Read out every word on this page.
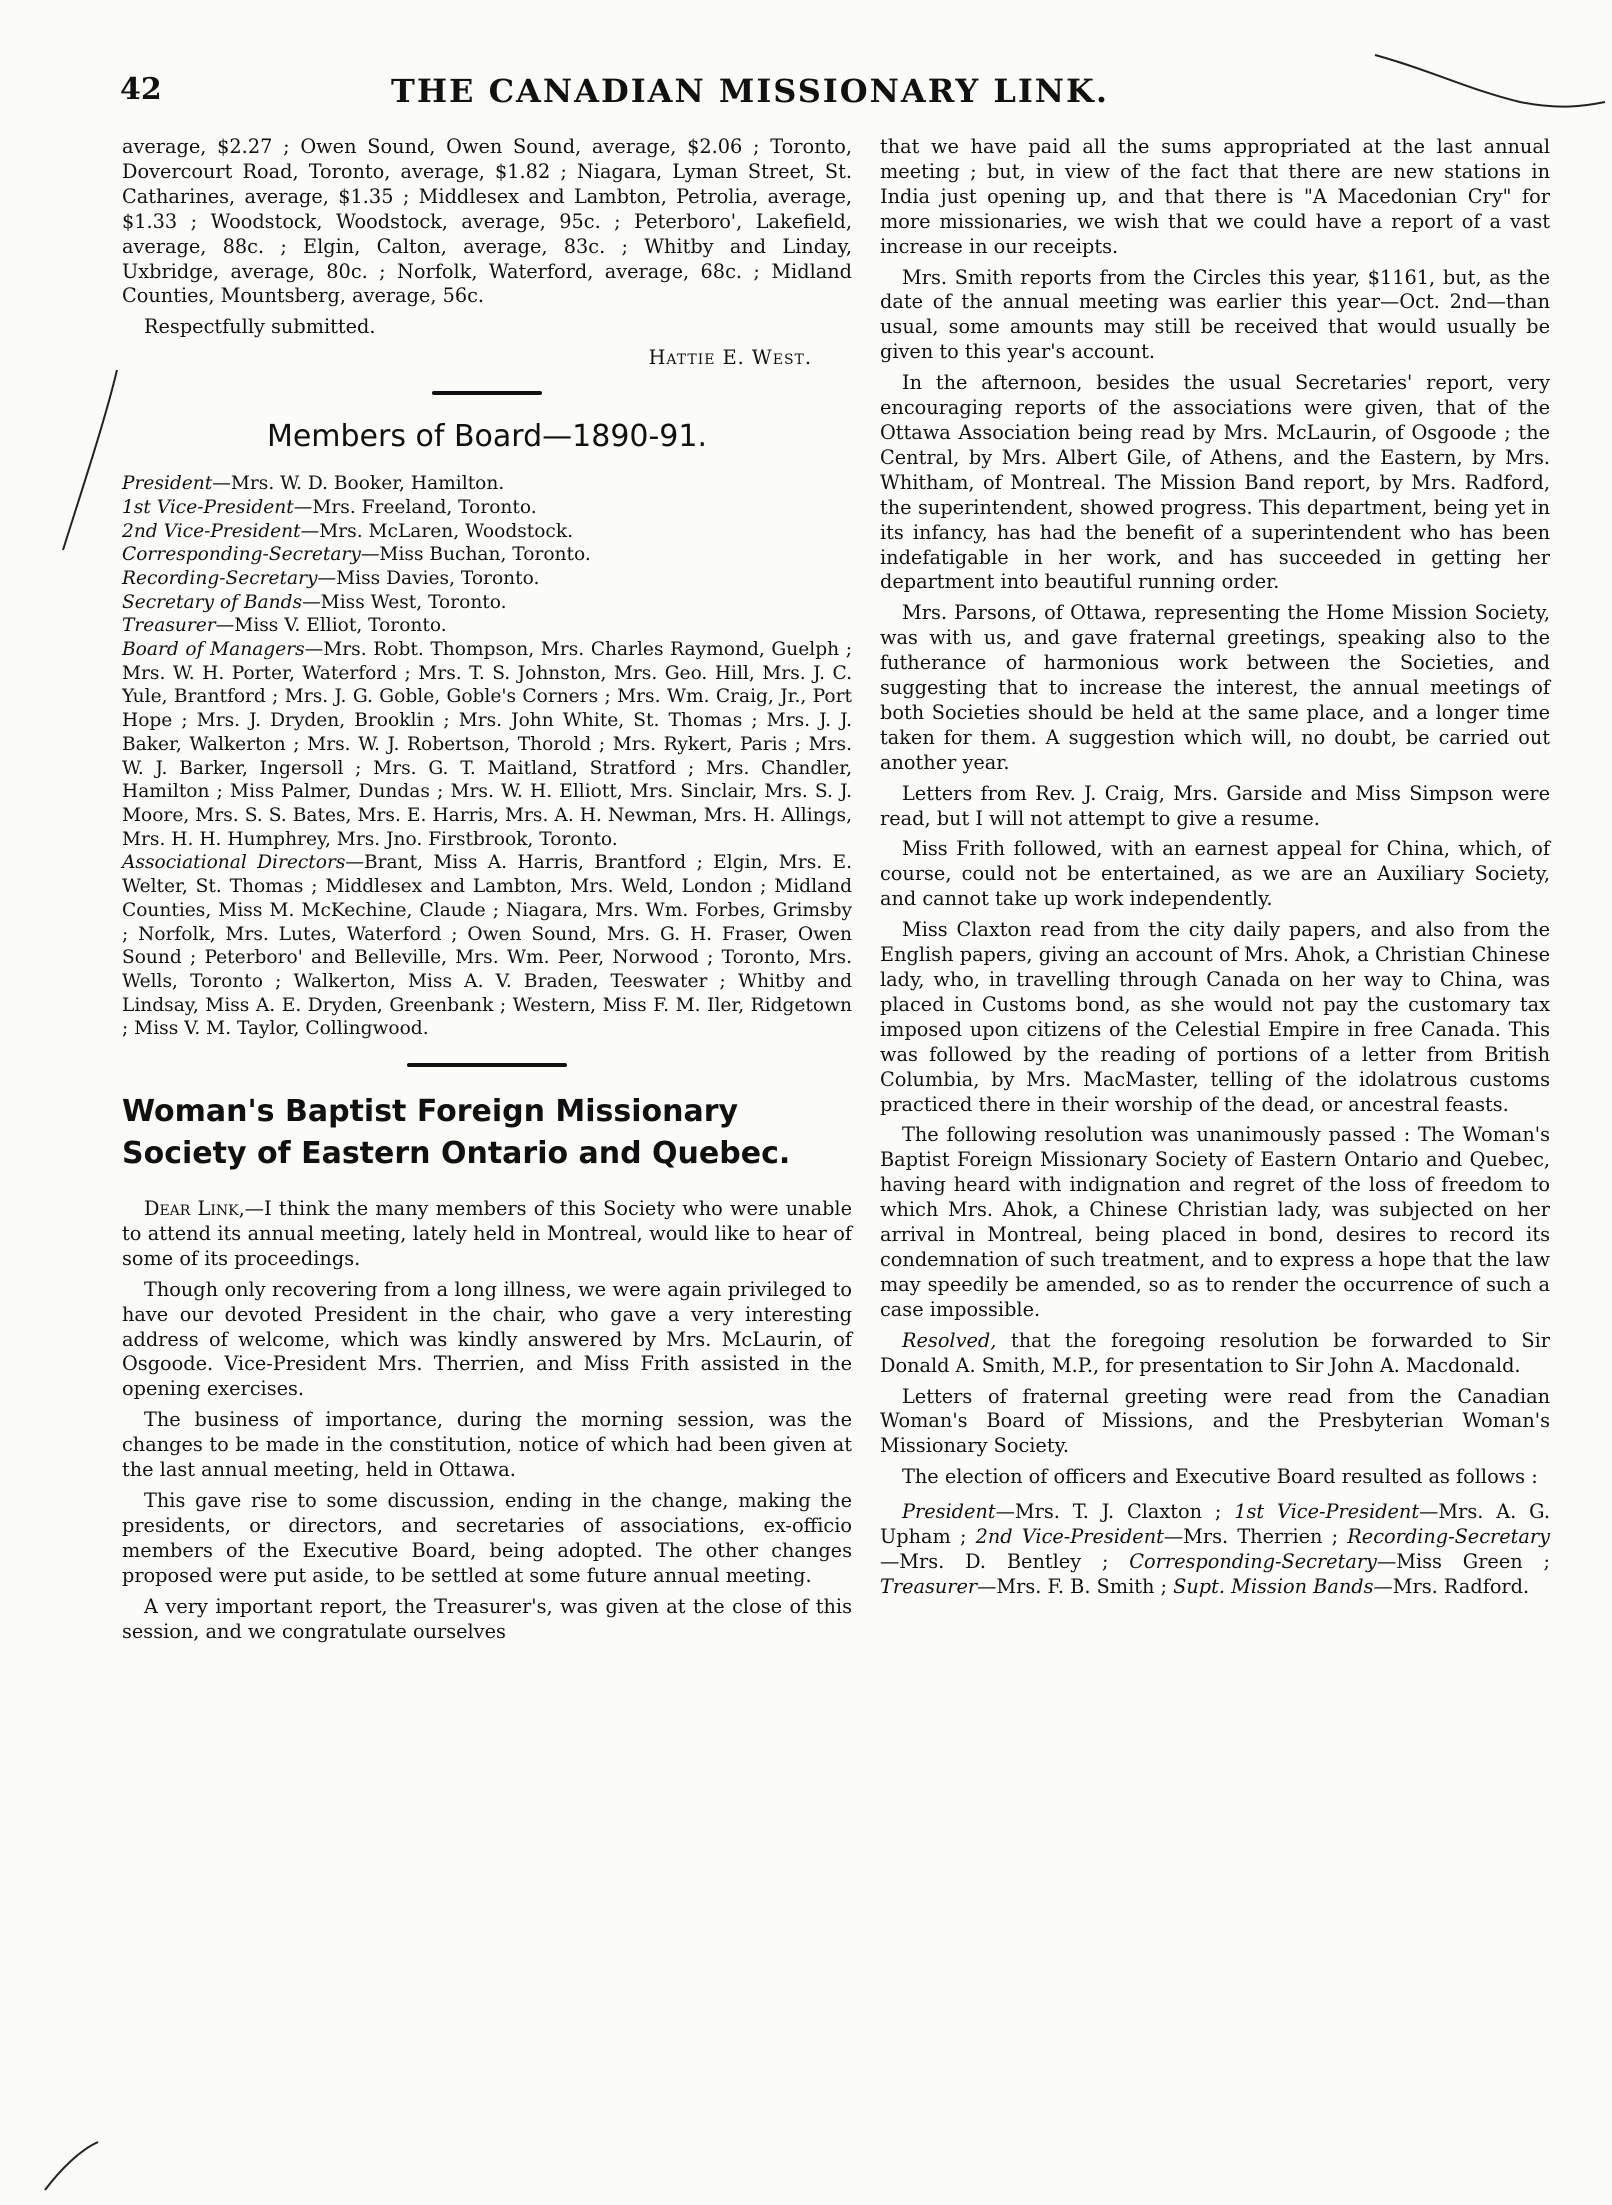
42	THE CANADIAN MISSIONARY LINK.

average, $2.27 ; Owen Sound, Owen Sound, average, $2.06 ; Toronto, Dovercourt Road, Toronto, average, $1.82 ; Niagara, Lyman Street, St. Catharines, average, $1.35 ; Middlesex and Lambton, Petrolia, average, $1.33 ; Woodstock, Woodstock, average, 95c. ; Peterboro', Lakefield, average, 88c. ; Elgin, Calton, average, 83c. ; Whitby and Linday, Uxbridge, average, 80c. ; Norfolk, Waterford, average, 68c. ; Midland Counties, Mountsberg, average, 56c.

Respectfully submitted.

Hattie E. West.

Members of Board—1890-91.

President—Mrs. W. D. Booker, Hamilton.

1st Vice-President—Mrs. Freeland, Toronto.

2nd Vice-President—Mrs. McLaren, Woodstock.

Corresponding-Secretary—Miss Buchan, Toronto.

Recording-Secretary—Miss Davies, Toronto.

Secretary of Bands—Miss West, Toronto.

Treasurer—Miss V. Elliot, Toronto.

Board of Managers—Mrs. Robt. Thompson, Mrs. Charles Raymond, Guelph ; Mrs. W. H. Porter, Waterford ; Mrs. T. S. Johnston, Mrs. Geo. Hill, Mrs. J. C. Yule, Brantford ; Mrs. J. G. Goble, Goble's Corners ; Mrs. Wm. Craig, Jr., Port Hope ; Mrs. J. Dryden, Brooklin ; Mrs. John White, St. Thomas ; Mrs. J. J. Baker, Walkerton ; Mrs. W. J. Robertson, Thorold ; Mrs. Rykert, Paris ; Mrs. W. J. Barker, Ingersoll ; Mrs. G. T. Maitland, Stratford ; Mrs. Chandler, Hamilton ; Miss Palmer, Dundas ; Mrs. W. H. Elliott, Mrs. Sinclair, Mrs. S. J. Moore, Mrs. S. S. Bates, Mrs. E. Harris, Mrs. A. H. Newman, Mrs. H. Allings, Mrs. H. H. Humphrey, Mrs. Jno. Firstbrook, Toronto.

Associational Directors—Brant, Miss A. Harris, Brantford ; Elgin, Mrs. E. Welter, St. Thomas ; Middlesex and Lambton, Mrs. Weld, London ; Midland Counties, Miss M. McKechine, Claude ; Niagara, Mrs. Wm. Forbes, Grimsby ; Norfolk, Mrs. Lutes, Waterford ; Owen Sound, Mrs. G. H. Fraser, Owen Sound ; Peterboro' and Belleville, Mrs. Wm. Peer, Norwood ; Toronto, Mrs. Wells, Toronto ; Walkerton, Miss A. V. Braden, Teeswater ; Whitby and Lindsay, Miss A. E. Dryden, Greenbank ; Western, Miss F. M. Iler, Ridgetown ; Miss V. M. Taylor, Collingwood.

Woman's Baptist Foreign Missionary Society of Eastern Ontario and Quebec.

Dear Link,—I think the many members of this Society who were unable to attend its annual meeting, lately held in Montreal, would like to hear of some of its proceedings.

Though only recovering from a long illness, we were again privileged to have our devoted President in the chair, who gave a very interesting address of welcome, which was kindly answered by Mrs. McLaurin, of Osgoode. Vice-President Mrs. Therrien, and Miss Frith assisted in the opening exercises.

The business of importance, during the morning session, was the changes to be made in the constitution, notice of which had been given at the last annual meeting, held in Ottawa.

This gave rise to some discussion, ending in the change, making the presidents, or directors, and secretaries of associations, ex-officio members of the Executive Board, being adopted. The other changes proposed were put aside, to be settled at some future annual meeting.

A very important report, the Treasurer's, was given at the close of this session, and we congratulate ourselves

that we have paid all the sums appropriated at the last annual meeting ; but, in view of the fact that there are new stations in India just opening up, and that there is "A Macedonian Cry" for more missionaries, we wish that we could have a report of a vast increase in our receipts.

Mrs. Smith reports from the Circles this year, $1161, but, as the date of the annual meeting was earlier this year—Oct. 2nd—than usual, some amounts may still be received that would usually be given to this year's account.

In the afternoon, besides the usual Secretaries' report, very encouraging reports of the associations were given, that of the Ottawa Association being read by Mrs. McLaurin, of Osgoode ; the Central, by Mrs. Albert Gile, of Athens, and the Eastern, by Mrs. Whitham, of Montreal. The Mission Band report, by Mrs. Radford, the superintendent, showed progress. This department, being yet in its infancy, has had the benefit of a superintendent who has been indefatigable in her work, and has succeeded in getting her department into beautiful running order.

Mrs. Parsons, of Ottawa, representing the Home Mission Society, was with us, and gave fraternal greetings, speaking also to the futherance of harmonious work between the Societies, and suggesting that to increase the interest, the annual meetings of both Societies should be held at the same place, and a longer time taken for them. A suggestion which will, no doubt, be carried out another year.

Letters from Rev. J. Craig, Mrs. Garside and Miss Simpson were read, but I will not attempt to give a resume.

Miss Frith followed, with an earnest appeal for China, which, of course, could not be entertained, as we are an Auxiliary Society, and cannot take up work independently.

Miss Claxton read from the city daily papers, and also from the English papers, giving an account of Mrs. Ahok, a Christian Chinese lady, who, in travelling through Canada on her way to China, was placed in Customs bond, as she would not pay the customary tax imposed upon citizens of the Celestial Empire in free Canada. This was followed by the reading of portions of a letter from British Columbia, by Mrs. MacMaster, telling of the idolatrous customs practiced there in their worship of the dead, or ancestral feasts.

The following resolution was unanimously passed : The Woman's Baptist Foreign Missionary Society of Eastern Ontario and Quebec, having heard with indignation and regret of the loss of freedom to which Mrs. Ahok, a Chinese Christian lady, was subjected on her arrival in Montreal, being placed in bond, desires to record its condemnation of such treatment, and to express a hope that the law may speedily be amended, so as to render the occurrence of such a case impossible.

Resolved, that the foregoing resolution be forwarded to Sir Donald A. Smith, M.P., for presentation to Sir John A. Macdonald.

Letters of fraternal greeting were read from the Canadian Woman's Board of Missions, and the Presbyterian Woman's Missionary Society.

The election of officers and Executive Board resulted as follows :

President—Mrs. T. J. Claxton ; 1st Vice-President—Mrs. A. G. Upham ; 2nd Vice-President—Mrs. Therrien ; Recording-Secretary—Mrs. D. Bentley ; Corresponding-Secretary—Miss Green ; Treasurer—Mrs. F. B. Smith ; Supt. Mission Bands—Mrs. Radford.
